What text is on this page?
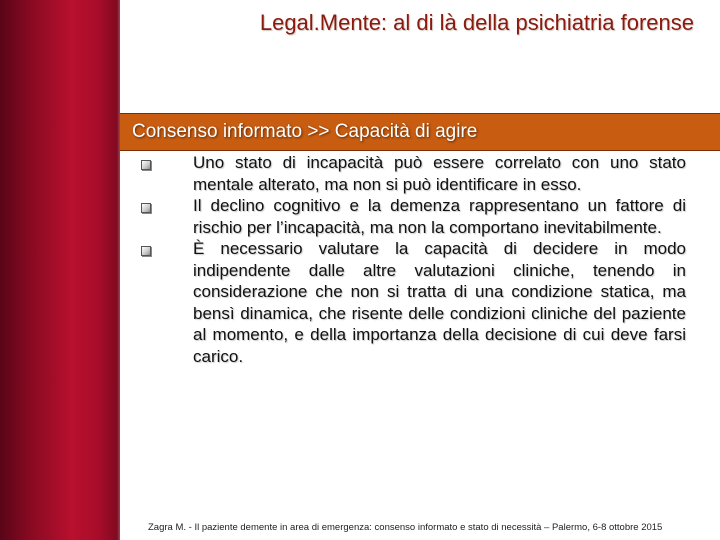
Legal.Mente: al di là della psichiatria forense
Consenso informato >> Capacità di agire
Uno stato di incapacità può essere correlato con uno stato mentale alterato, ma non si può identificare in esso.
Il declino cognitivo e la demenza rappresentano un fattore di rischio per l’incapacità, ma non la comportano inevitabilmente.
È necessario valutare la capacità di decidere in modo indipendente dalle altre valutazioni cliniche, tenendo in considerazione che non si tratta di una condizione statica, ma bensì dinamica, che risente delle condizioni cliniche del paziente al momento, e della importanza della decisione di cui deve farsi carico.
Zagra M. - Il paziente demente in area di emergenza: consenso informato e stato di necessità – Palermo, 6-8 ottobre 2015
